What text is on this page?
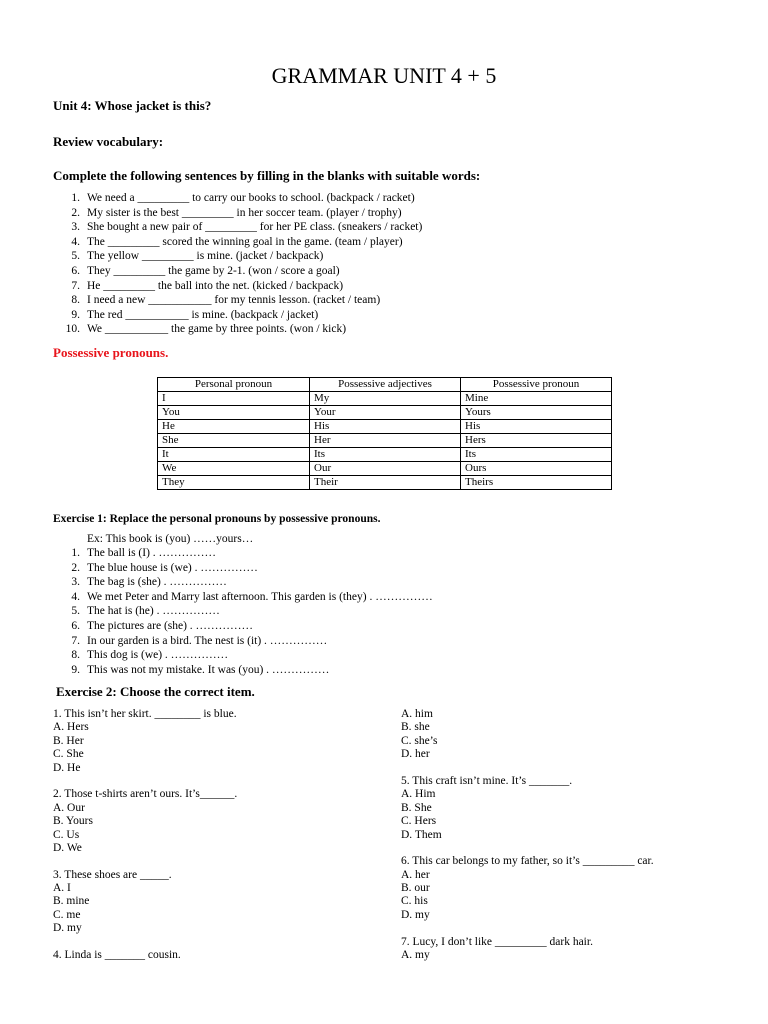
GRAMMAR UNIT 4 + 5
Unit 4: Whose jacket is this?
Review vocabulary:
Complete the following sentences by filling in the blanks with suitable words:
1. We need a _________ to carry our books to school. (backpack / racket)
2. My sister is the best _________ in her soccer team. (player / trophy)
3. She bought a new pair of _________ for her PE class. (sneakers / racket)
4. The _________ scored the winning goal in the game. (team / player)
5. The yellow _________ is mine. (jacket / backpack)
6. They _________ the game by 2-1. (won / score a goal)
7. He _________ the ball into the net. (kicked / backpack)
8. I need a new ___________ for my tennis lesson. (racket / team)
9. The red ___________ is mine. (backpack / jacket)
10. We ___________ the game by three points. (won / kick)
Possessive pronouns.
Personal pronoun	Possessive adjectives	Possessive pronoun
I	My	Mine
You	Your	Yours
He	His	His
She	Her	Hers
It	Its	Its
We	Our	Ours
They	Their	Theirs
Exercise 1: Replace the personal pronouns by possessive pronouns.
Ex: This book is (you) ……yours…
1. The ball is (I) . ……………
2. The blue house is (we) . ……………
3. The bag is (she) . ……………
4. We met Peter and Marry last afternoon. This garden is (they) . ……………
5. The hat is (he) . ……………
6. The pictures are (she) . ……………
7. In our garden is a bird. The nest is (it) . ……………
8. This dog is (we) . ……………
9. This was not my mistake. It was (you) . ……………
Exercise 2: Choose the correct item.
1. This isn’t her skirt. ________ is blue.
A. Hers
B. Her
C. She
D. He
2. Those t-shirts aren’t ours. It’s______.
A. Our
B. Yours
C. Us
D. We
3. These shoes are _____.
A. I
B. mine
C. me
D. my
4. Linda is _______ cousin.
A. him
B. she
C. she’s
D. her
5. This craft isn’t mine. It’s _______.
A. Him
B. She
C. Hers
D. Them
6. This car belongs to my father, so it’s _________ car.
A. her
B. our
C. his
D. my
7. Lucy, I don’t like _________ dark hair.
A. my
